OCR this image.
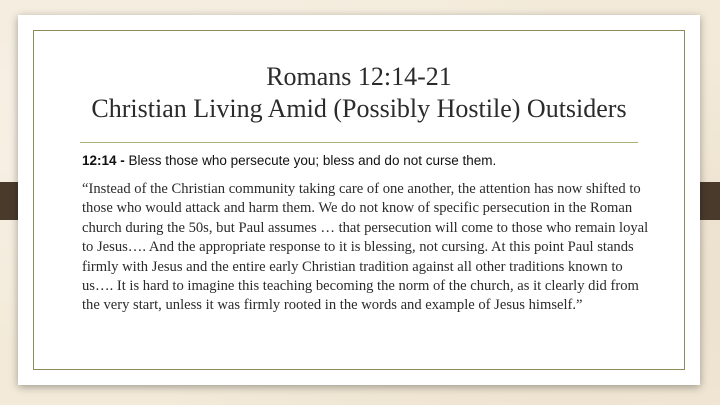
Romans 12:14-21
Christian Living Amid (Possibly Hostile) Outsiders
12:14 - Bless those who persecute you; bless and do not curse them.
“Instead of the Christian community taking care of one another, the attention has now shifted to those who would attack and harm them. We do not know of specific persecution in the Roman church during the 50s, but Paul assumes … that persecution will come to those who remain loyal to Jesus…. And the appropriate response to it is blessing, not cursing. At this point Paul stands firmly with Jesus and the entire early Christian tradition against all other traditions known to us…. It is hard to imagine this teaching becoming the norm of the church, as it clearly did from the very start, unless it was firmly rooted in the words and example of Jesus himself.”
